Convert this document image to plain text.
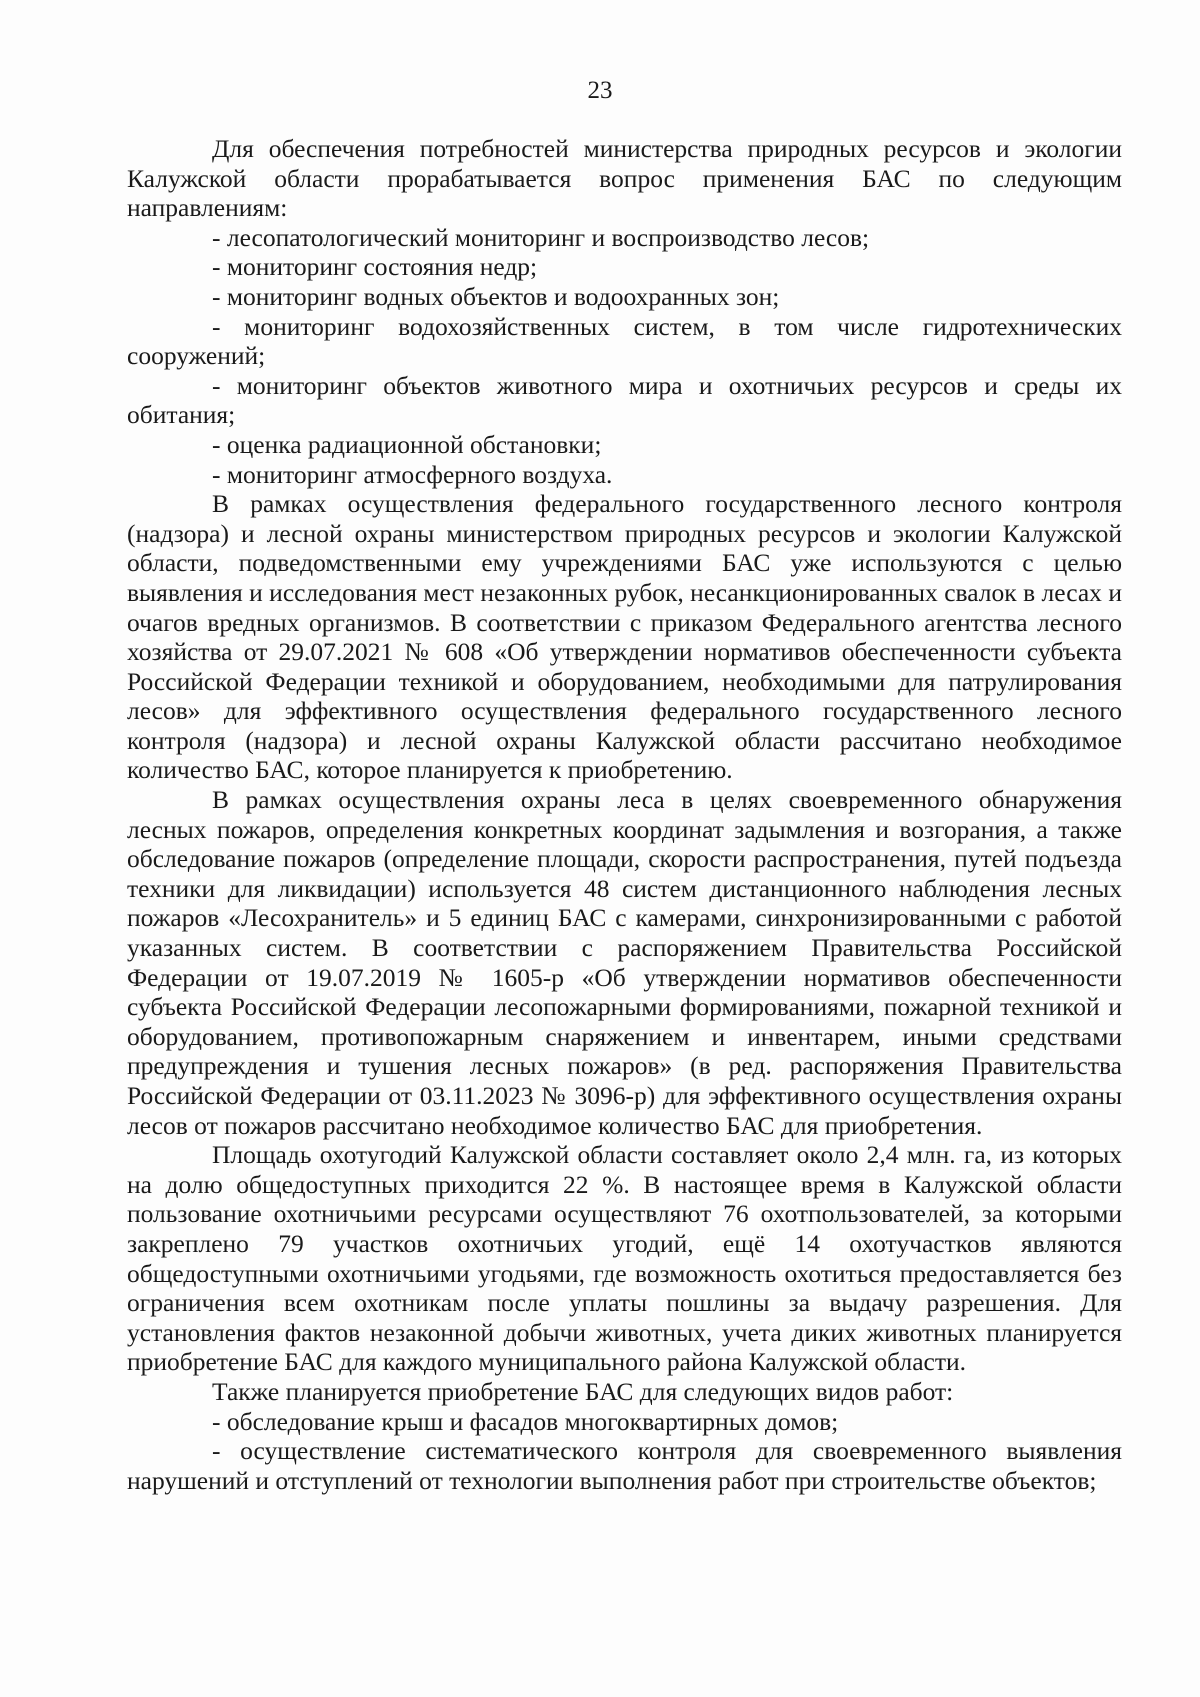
23

Для обеспечения потребностей министерства природных ресурсов и экологии Калужской области прорабатывается вопрос применения БАС по следующим направлениям:

- лесопатологический мониторинг и воспроизводство лесов;

- мониторинг состояния недр;

- мониторинг водных объектов и водоохранных зон;

- мониторинг водохозяйственных систем, в том числе гидротехнических сооружений;

- мониторинг объектов животного мира и охотничьих ресурсов и среды их обитания;

- оценка радиационной обстановки;

- мониторинг атмосферного воздуха.

В рамках осуществления федерального государственного лесного контроля (надзора) и лесной охраны министерством природных ресурсов и экологии Калужской области, подведомственными ему учреждениями БАС уже используются с целью выявления и исследования мест незаконных рубок, несанкционированных свалок в лесах и очагов вредных организмов. В соответствии с приказом Федерального агентства лесного хозяйства от 29.07.2021 № 608 «Об утверждении нормативов обеспеченности субъекта Российской Федерации техникой и оборудованием, необходимыми для патрулирования лесов» для эффективного осуществления федерального государственного лесного контроля (надзора) и лесной охраны Калужской области рассчитано необходимое количество БАС, которое планируется к приобретению.

В рамках осуществления охраны леса в целях своевременного обнаружения лесных пожаров, определения конкретных координат задымления и возгорания, а также обследование пожаров (определение площади, скорости распространения, путей подъезда техники для ликвидации) используется 48 систем дистанционного наблюдения лесных пожаров «Лесохранитель» и 5 единиц БАС с камерами, синхронизированными с работой указанных систем. В соответствии с распоряжением Правительства Российской Федерации от 19.07.2019 № 1605-р «Об утверждении нормативов обеспеченности субъекта Российской Федерации лесопожарными формированиями, пожарной техникой и оборудованием, противопожарным снаряжением и инвентарем, иными средствами предупреждения и тушения лесных пожаров» (в ред. распоряжения Правительства Российской Федерации от 03.11.2023 № 3096-р) для эффективного осуществления охраны лесов от пожаров рассчитано необходимое количество БАС для приобретения.

Площадь охотугодий Калужской области составляет около 2,4 млн. га, из которых на долю общедоступных приходится 22 %. В настоящее время в Калужской области пользование охотничьими ресурсами осуществляют 76 охотпользователей, за которыми закреплено 79 участков охотничьих угодий, ещё 14 охотучастков являются общедоступными охотничьими угодьями, где возможность охотиться предоставляется без ограничения всем охотникам после уплаты пошлины за выдачу разрешения. Для установления фактов незаконной добычи животных, учета диких животных планируется приобретение БАС для каждого муниципального района Калужской области.

Также планируется приобретение БАС для следующих видов работ:

- обследование крыш и фасадов многоквартирных домов;

- осуществление систематического контроля для своевременного выявления нарушений и отступлений от технологии выполнения работ при строительстве объектов;
